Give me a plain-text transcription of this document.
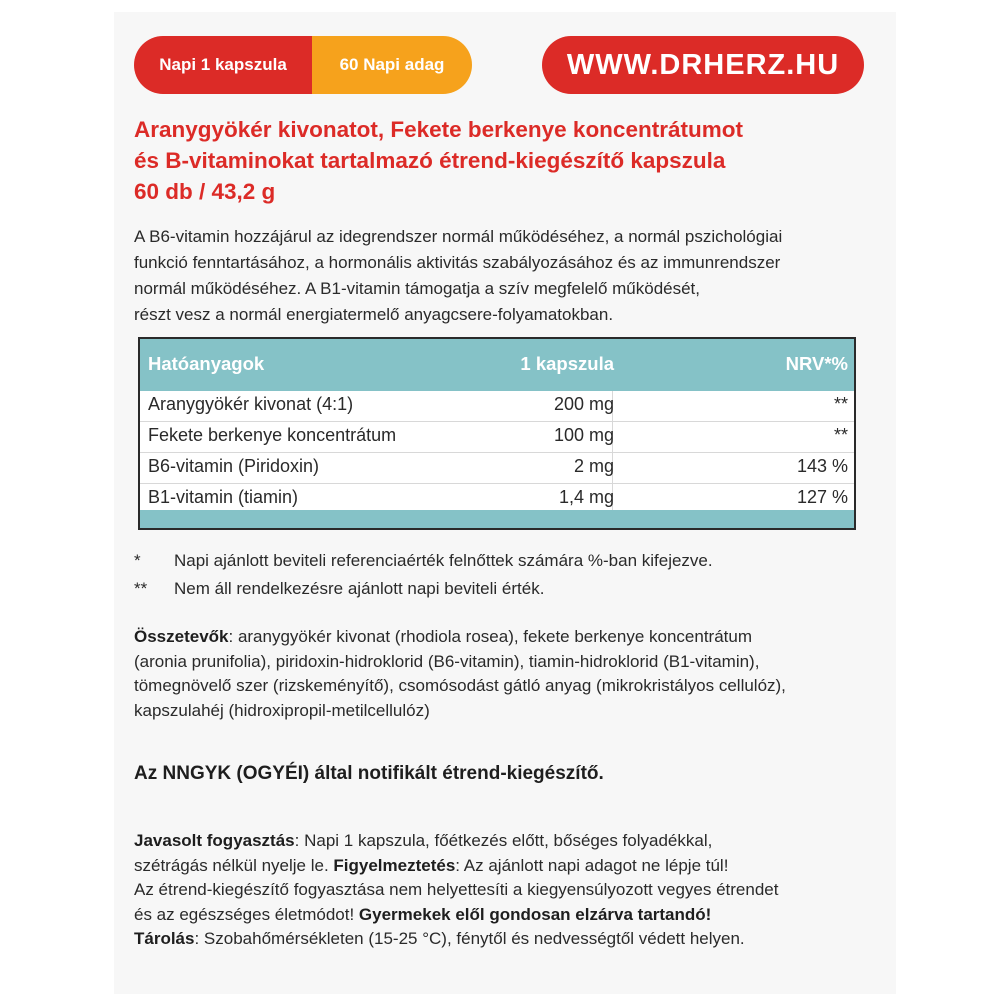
Napi 1 kapszula	60 Napi adag	WWW.DRHERZ.HU
Aranygyökér kivonatot, Fekete berkenye koncentrátumot
és B-vitaminokat tartalmazó étrend-kiegészítő kapszula
60 db / 43,2 g
A B6-vitamin hozzájárul az idegrendszer normál működéséhez, a normál pszichológiai
funkció fenntartásához, a hormonális aktivitás szabályozásához és az immunrendszer
normál működéséhez. A B1-vitamin támogatja a szív megfelelő működését,
részt vesz a normál energiatermelő anyagcsere-folyamatokban.
Hatóanyagok	1 kapszula	NRV*%
Aranygyökér kivonat (4:1)	200 mg	**
Fekete berkenye koncentrátum	100 mg	**
B6-vitamin (Piridoxin)	2 mg	143 %
B1-vitamin (tiamin)	1,4 mg	127 %
* Napi ajánlott beviteli referenciaérték felnőttek számára %-ban kifejezve.
** Nem áll rendelkezésre ajánlott napi beviteli érték.
Összetevők: aranygyökér kivonat (rhodiola rosea), fekete berkenye koncentrátum
(aronia prunifolia), piridoxin-hidroklorid (B6-vitamin), tiamin-hidroklorid (B1-vitamin),
tömegnövelő szer (rizskeményítő), csomósodást gátló anyag (mikrokristályos cellulóz),
kapszulahéj (hidroxipropil-metilcellulóz)
Az NNGYK (OGYÉI) által notifikált étrend-kiegészítő.
Javasolt fogyasztás: Napi 1 kapszula, főétkezés előtt, bőséges folyadékkal,
szétrágás nélkül nyelje le. Figyelmeztetés: Az ajánlott napi adagot ne lépje túl!
Az étrend-kiegészítő fogyasztása nem helyettesíti a kiegyensúlyozott vegyes étrendet
és az egészséges életmódot! Gyermekek elől gondosan elzárva tartandó!
Tárolás: Szobahőmérsékleten (15-25 °C), fénytől és nedvességtől védett helyen.
